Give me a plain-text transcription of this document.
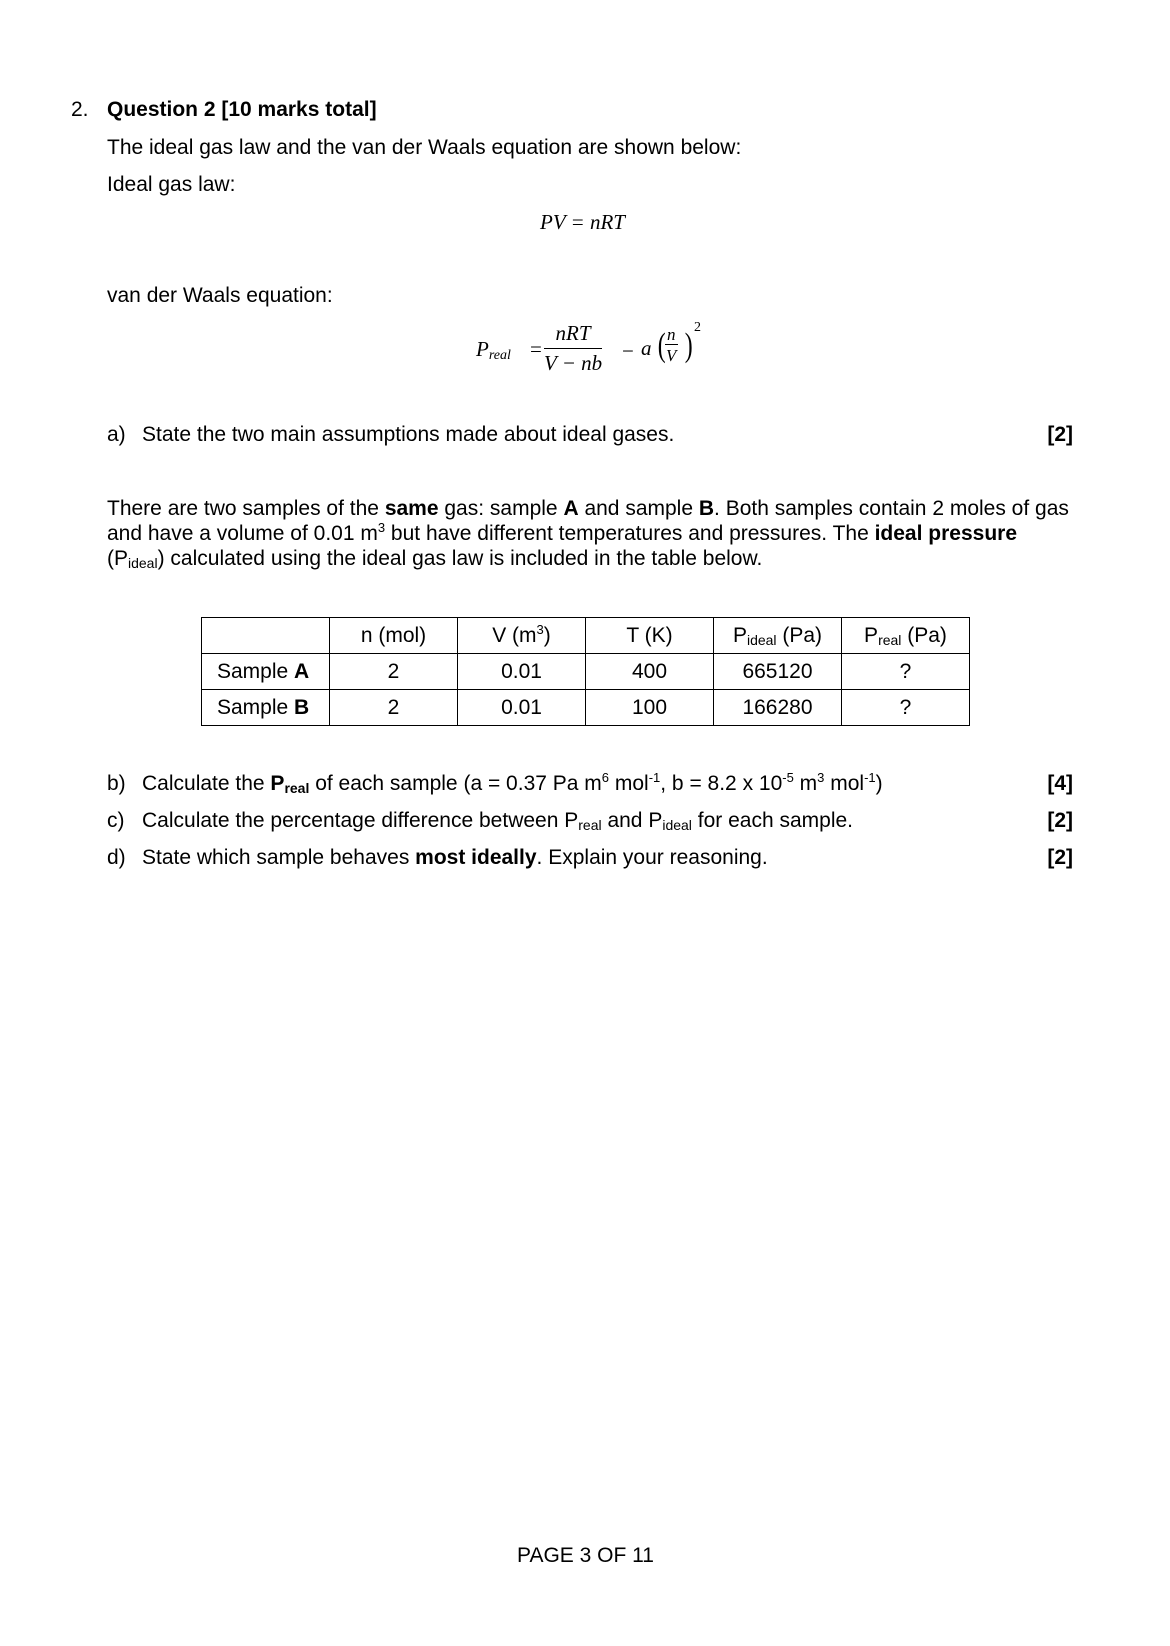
2. Question 2 [10 marks total]
The ideal gas law and the van der Waals equation are shown below:
Ideal gas law:
PV = nRT
van der Waals equation:
$P_{real}$ =
nRT
V − nb − a ( $\frac{n}{V}$ ) 2
a) State the two main assumptions made about ideal gases.	[2]
There are two samples of the same gas: sample A and sample B. Both samples contain 2 moles of gas and have a volume of 0.01 $m^3$ but have different temperatures and pressures. The ideal pressure $(P_{ideal})$ calculated using the ideal gas law is included in the table below.
	n (mol)	V $(m^3)$	T (K)	$P_{ideal}$ (Pa)	$P_{real}$ (Pa)
Sample A	2	0.01	400	665120	?
Sample B	2	0.01	100	166280	?
b) Calculate the $P_{real}$ of each sample (a = 0.37 Pa $m^6$ mol$^{-1}$, b = 8.2 x $10^{-5}$ $m^3$ mol$^{-1}$)	[4]
c) Calculate the percentage difference between $P_{real}$ and $P_{ideal}$ for each sample.	[2]
d) State which sample behaves most ideally. Explain your reasoning.	[2]
PAGE 3 OF 11
